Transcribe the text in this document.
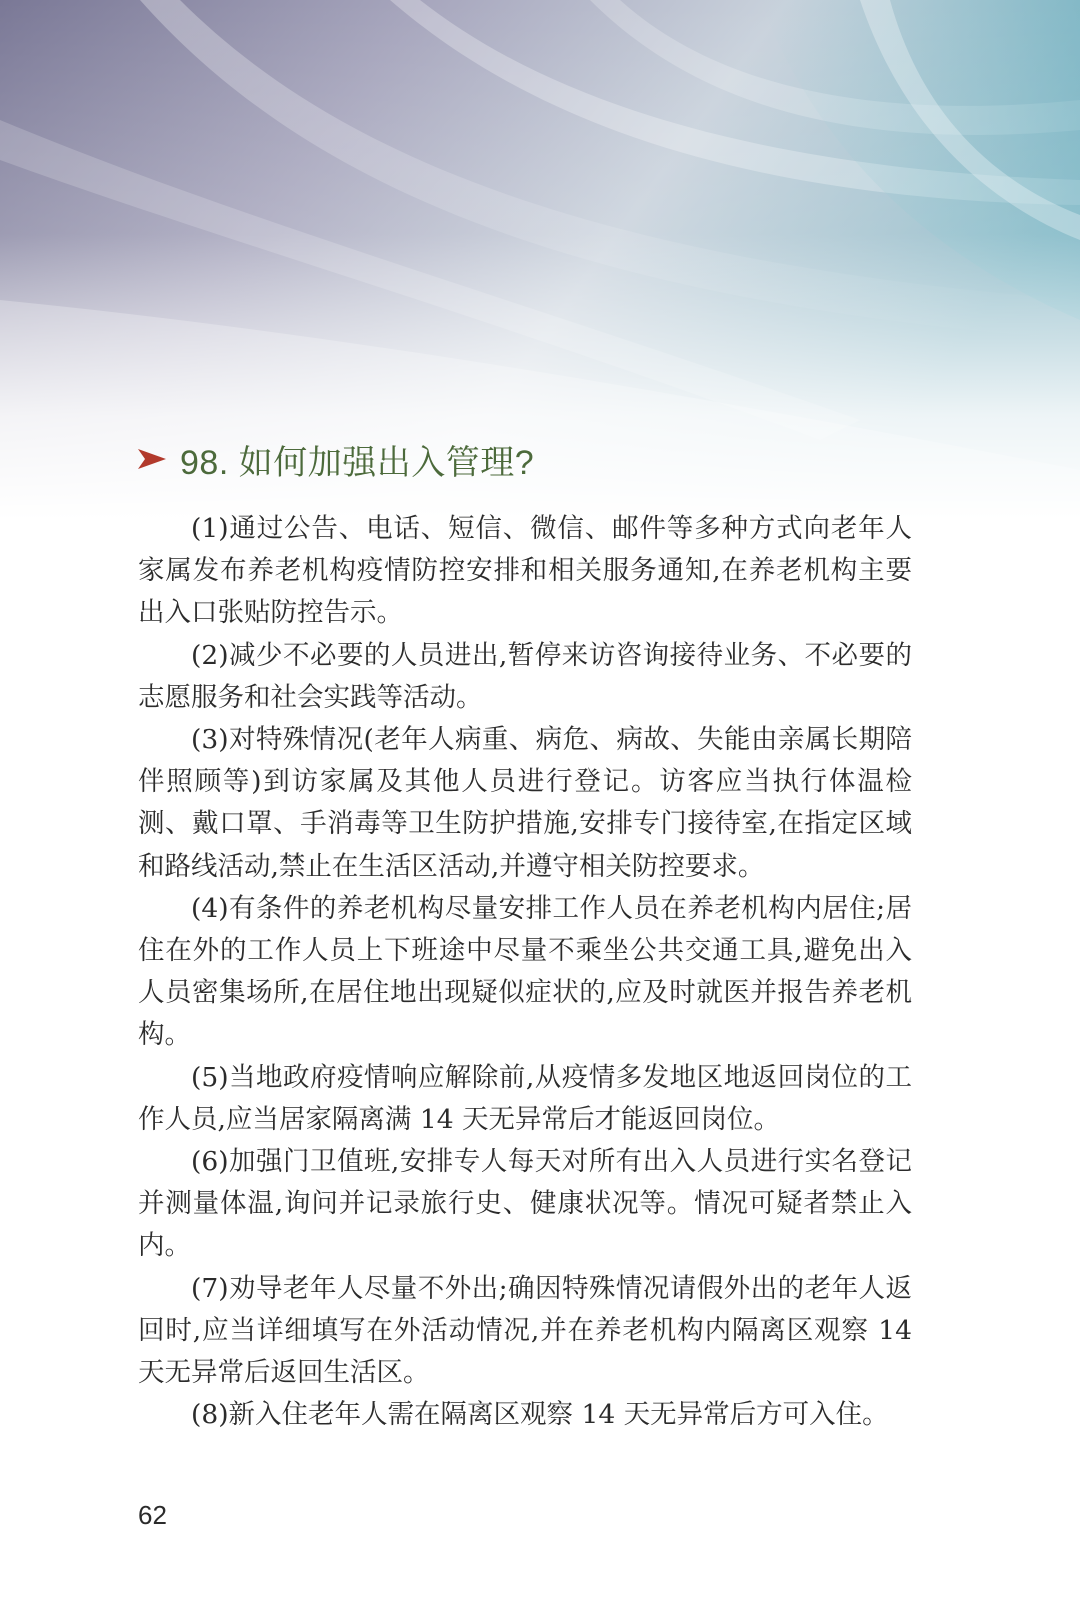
98. 如何加强出入管理?

(1)通过公告、电话、短信、微信、邮件等多种方式向老年人家属发布养老机构疫情防控安排和相关服务通知,在养老机构主要出入口张贴防控告示。

(2)减少不必要的人员进出,暂停来访咨询接待业务、不必要的志愿服务和社会实践等活动。

(3)对特殊情况(老年人病重、病危、病故、失能由亲属长期陪伴照顾等)到访家属及其他人员进行登记。访客应当执行体温检测、戴口罩、手消毒等卫生防护措施,安排专门接待室,在指定区域和路线活动,禁止在生活区活动,并遵守相关防控要求。

(4)有条件的养老机构尽量安排工作人员在养老机构内居住;居住在外的工作人员上下班途中尽量不乘坐公共交通工具,避免出入人员密集场所,在居住地出现疑似症状的,应及时就医并报告养老机构。

(5)当地政府疫情响应解除前,从疫情多发地区地返回岗位的工作人员,应当居家隔离满 14 天无异常后才能返回岗位。

(6)加强门卫值班,安排专人每天对所有出入人员进行实名登记并测量体温,询问并记录旅行史、健康状况等。情况可疑者禁止入内。

(7)劝导老年人尽量不外出;确因特殊情况请假外出的老年人返回时,应当详细填写在外活动情况,并在养老机构内隔离区观察 14 天无异常后返回生活区。

(8)新入住老年人需在隔离区观察 14 天无异常后方可入住。

62
